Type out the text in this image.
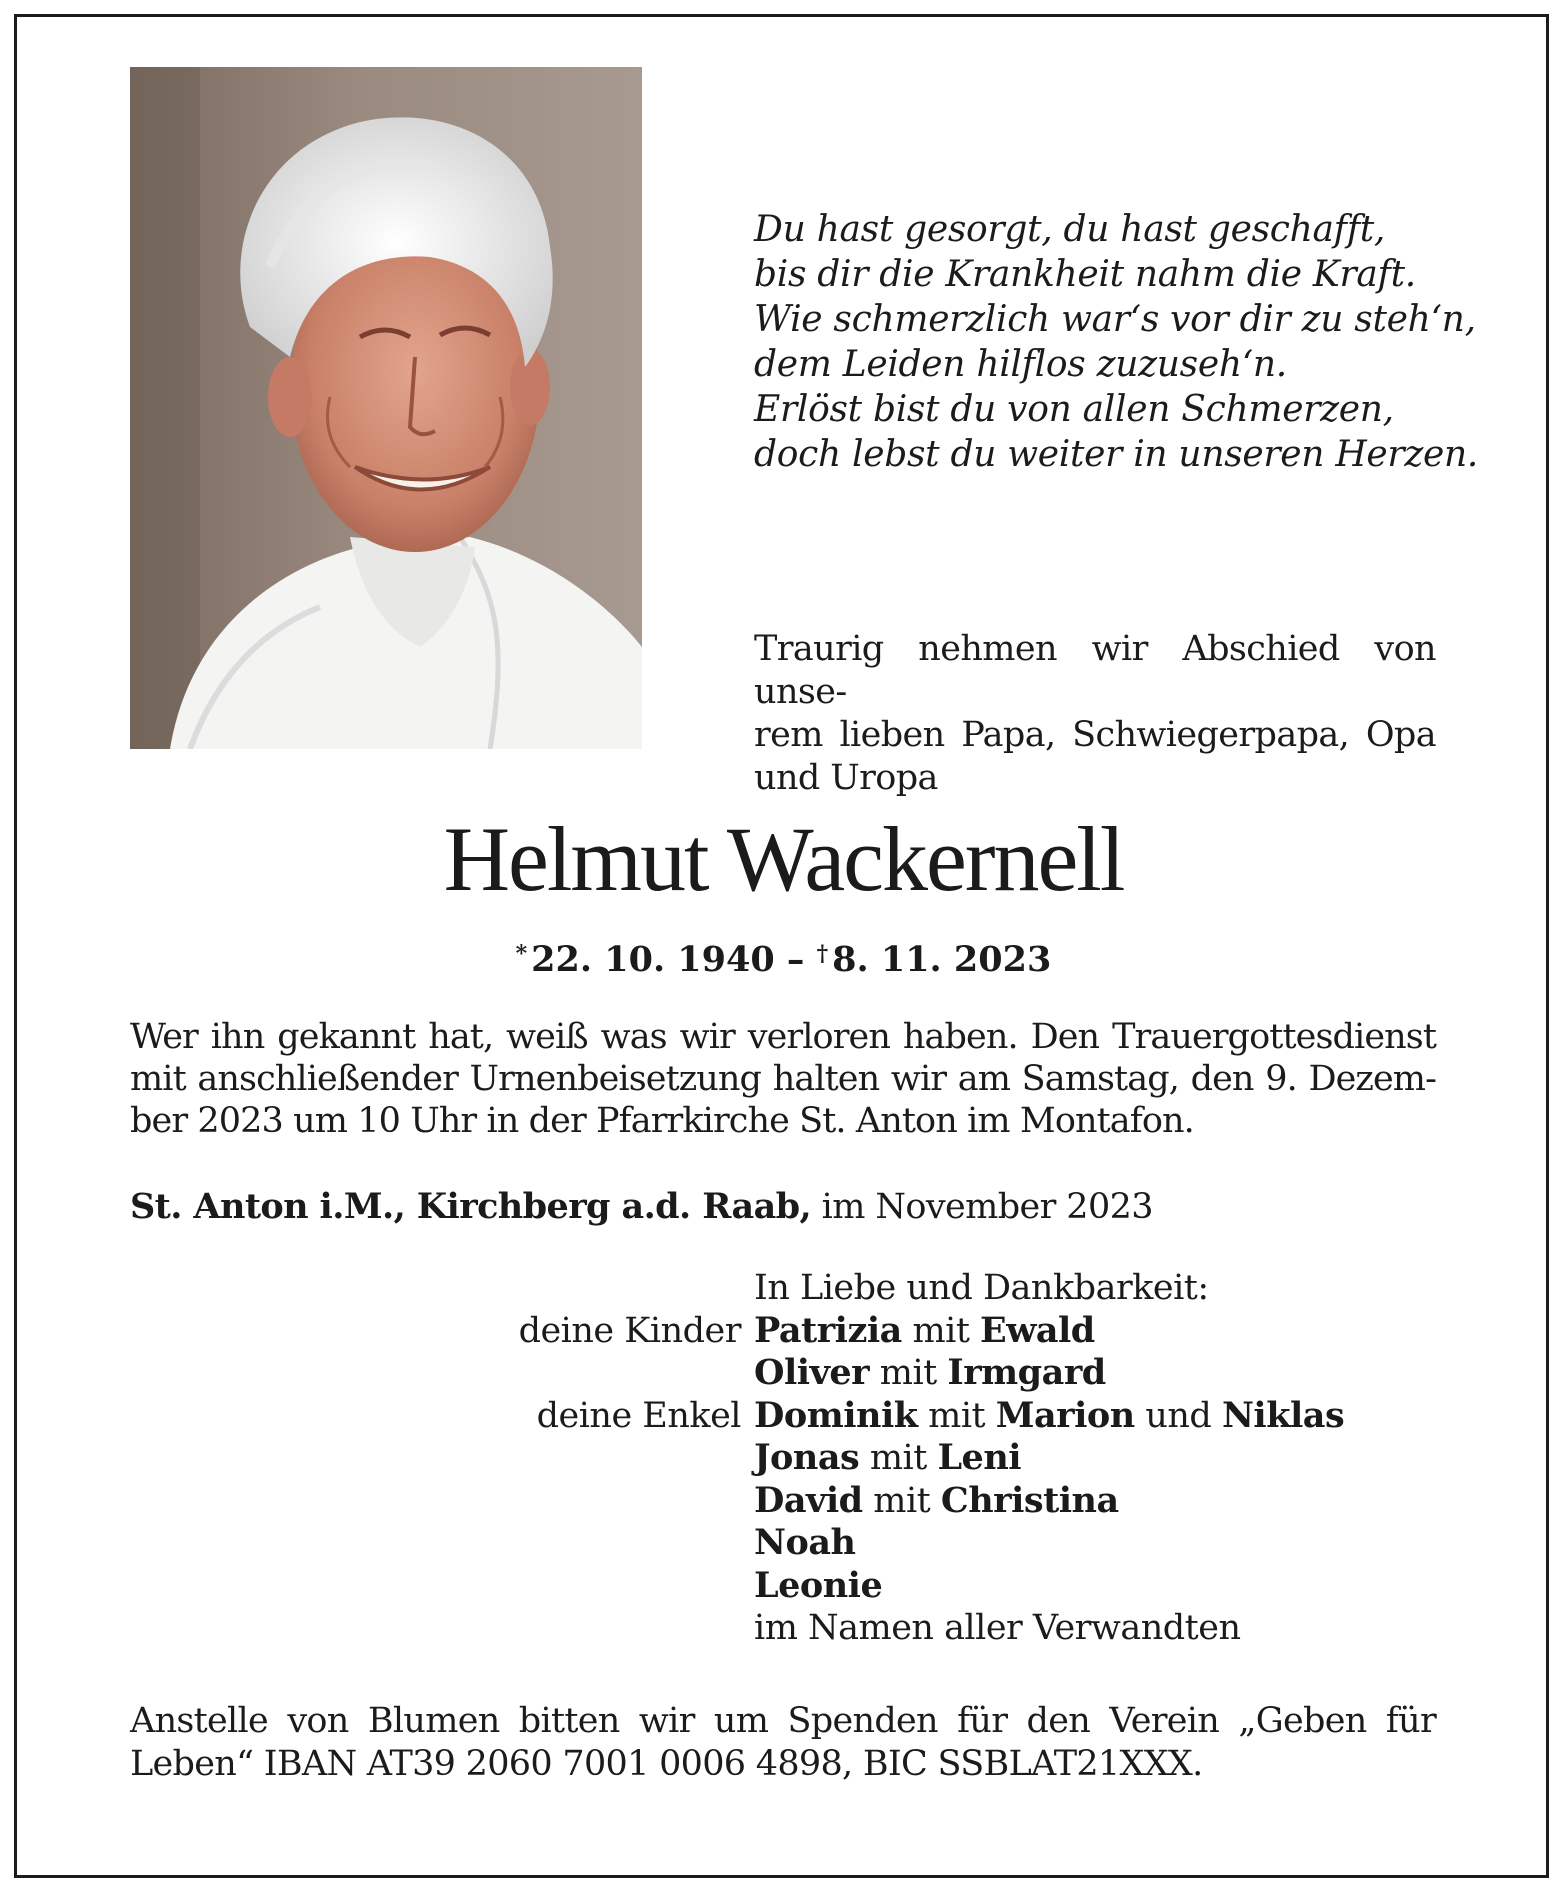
Du hast gesorgt, du hast geschafft,
bis dir die Krankheit nahm die Kraft.
Wie schmerzlich war‘s vor dir zu steh‘n,
dem Leiden hilflos zuzuseh‘n.
Erlöst bist du von allen Schmerzen,
doch lebst du weiter in unseren Herzen.
Traurig nehmen wir Abschied von unse-
rem lieben Papa, Schwiegerpapa, Opa
und Uropa
Helmut Wackernell
* 22. 10. 1940 – † 8. 11. 2023
Wer ihn gekannt hat, weiß was wir verloren haben. Den Trauergottesdienst
mit anschließender Urnenbeisetzung halten wir am Samstag, den 9. Dezem-
ber 2023 um 10 Uhr in der Pfarrkirche St. Anton im Montafon.
St. Anton i.M., Kirchberg a.d. Raab, im November 2023
In Liebe und Dankbarkeit:
deine Kinder Patrizia mit Ewald
Oliver mit Irmgard
deine Enkel Dominik mit Marion und Niklas
Jonas mit Leni
David mit Christina
Noah
Leonie
im Namen aller Verwandten
Anstelle von Blumen bitten wir um Spenden für den Verein „Geben für
Leben“ IBAN AT39 2060 7001 0006 4898, BIC SSBLAT21XXX.
